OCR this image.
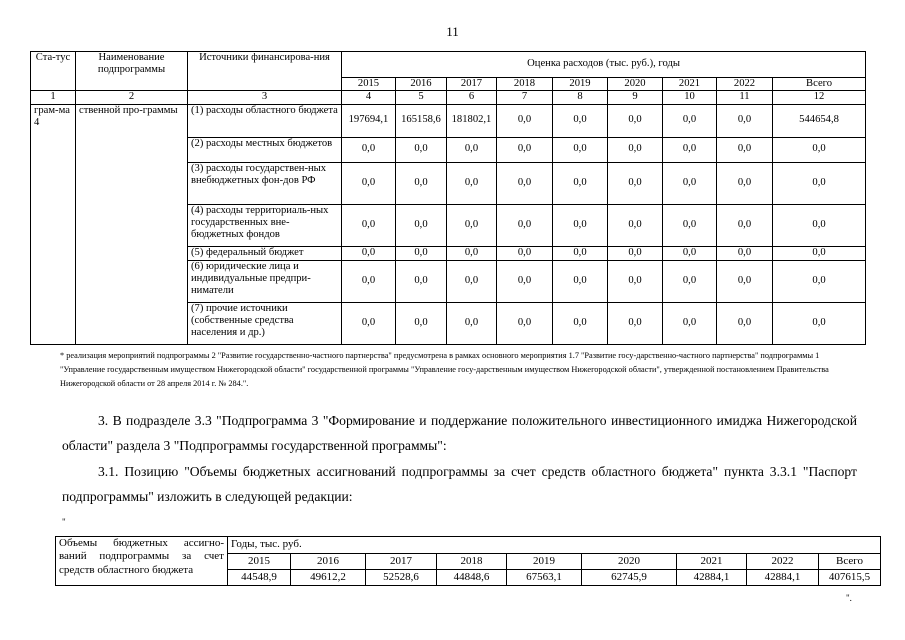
11
Ста-тус	Наименование подпрограммы	Источники финансирова-ния	Оценка расходов (тыс. руб.), годы								
			2015	2016	2017	2018	2019	2020	2021	2022	Всего
1	2	3	4	5	6	7	8	9	10	11	12
грам-ма 4	ственной про-граммы	(1) расходы областного бюджета	197694,1	165158,6	181802,1	0,0	0,0	0,0	0,0	0,0	544654,8
		(2) расходы местных бюджетов	0,0	0,0	0,0	0,0	0,0	0,0	0,0	0,0	0,0
		(3) расходы государствен-ных внебюджетных фон-дов РФ	0,0	0,0	0,0	0,0	0,0	0,0	0,0	0,0	0,0
		(4) расходы территориаль-ных государственных вне-бюджетных фондов	0,0	0,0	0,0	0,0	0,0	0,0	0,0	0,0	0,0
		(5) федеральный бюджет	0,0	0,0	0,0	0,0	0,0	0,0	0,0	0,0	0,0
		(6) юридические лица и индивидуальные предпри-ниматели	0,0	0,0	0,0	0,0	0,0	0,0	0,0	0,0	0,0
		(7) прочие источники (собственные средства населения и др.)	0,0	0,0	0,0	0,0	0,0	0,0	0,0	0,0	0,0
* реализация мероприятий подпрограммы 2 "Развитие государственно-частного партнерства" предусмотрена в рамках основного мероприятия 1.7 "Развитие госу-дарственно-частного партнерства" подпрограммы 1 "Управление государственным имуществом Нижегородской области" государственной программы "Управление госу-дарственным имуществом Нижегородской области", утвержденной постановлением Правительства Нижегородской области от 28 апреля 2014 г. № 284.".
3. В подразделе 3.3 "Подпрограмма 3 "Формирование и поддержание положительного инвестиционного имиджа Нижегородской области" раздела 3 "Подпрограммы государственной программы":
3.1. Позицию "Объемы бюджетных ассигнований подпрограммы за счет средств областного бюджета" пункта 3.3.1 "Паспорт подпрограммы" изложить в следующей редакции:
"
Объемы бюджетных ассигно-ваний подпрограммы за счет средств областного бюджета	Годы, тыс. руб.								
	2015	2016	2017	2018	2019	2020	2021	2022	Всего
	44548,9	49612,2	52528,6	44848,6	67563,1	62745,9	42884,1	42884,1	407615,5
".
